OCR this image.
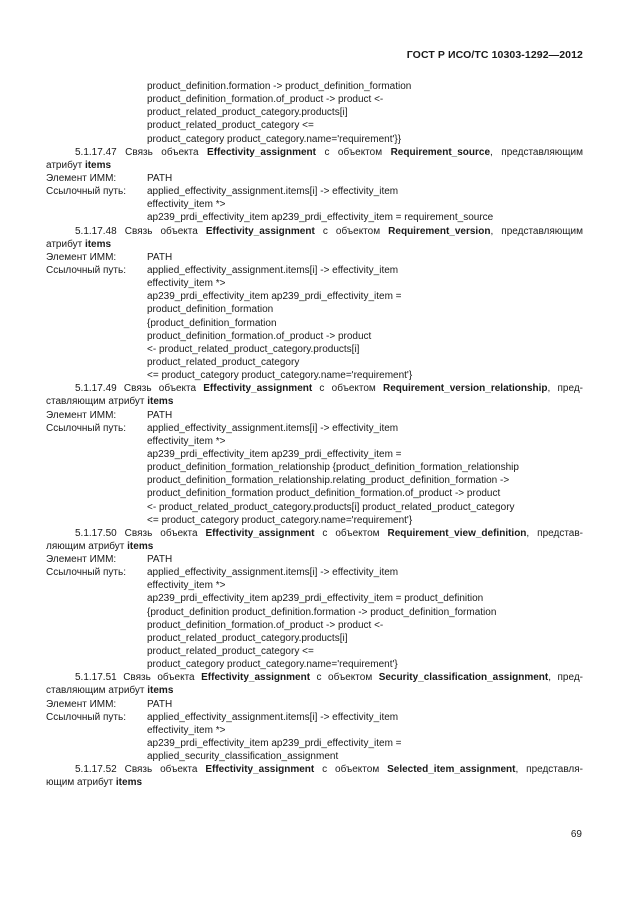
ГОСТ Р ИСО/ТС 10303-1292—2012
product_definition.formation -> product_definition_formation
product_definition_formation.of_product -> product <-
product_related_product_category.products[i]
product_related_product_category <=
product_category product_category.name='requirement'}}
5.1.17.47 Связь объекта Effectivity_assignment с объектом Requirement_source, представляющим
атрибут items
Элемент ИММ:	PATH
Ссылочный путь: applied_effectivity_assignment.items[i] -> effectivity_item
effectivity_item *>
ap239_prdi_effectivity_item ap239_prdi_effectivity_item = requirement_source
5.1.17.48 Связь объекта Effectivity_assignment с объектом Requirement_version, представляющим
атрибут items
Элемент ИММ:	PATH
Ссылочный путь: applied_effectivity_assignment.items[i] -> effectivity_item
effectivity_item *>
ap239_prdi_effectivity_item ap239_prdi_effectivity_item =
product_definition_formation
{product_definition_formation
product_definition_formation.of_product -> product
<- product_related_product_category.products[i]
product_related_product_category
<= product_category product_category.name='requirement'}
5.1.17.49 Связь объекта Effectivity_assignment с объектом Requirement_version_relationship, пред-
ставляющим атрибут items
Элемент ИММ:	PATH
Ссылочный путь: applied_effectivity_assignment.items[i] -> effectivity_item
effectivity_item *>
ap239_prdi_effectivity_item ap239_prdi_effectivity_item =
product_definition_formation_relationship {product_definition_formation_relationship
product_definition_formation_relationship.relating_product_definition_formation ->
product_definition_formation product_definition_formation.of_product -> product
<- product_related_product_category.products[i] product_related_product_category
<= product_category product_category.name='requirement'}
5.1.17.50 Связь объекта Effectivity_assignment с объектом Requirement_view_definition, представ-
ляющим атрибут items
Элемент ИММ:	PATH
Ссылочный путь: applied_effectivity_assignment.items[i] -> effectivity_item
effectivity_item *>
ap239_prdi_effectivity_item ap239_prdi_effectivity_item = product_definition
{product_definition product_definition.formation -> product_definition_formation
product_definition_formation.of_product -> product <-
product_related_product_category.products[i]
product_related_product_category <=
product_category product_category.name='requirement'}
5.1.17.51 Связь объекта Effectivity_assignment с объектом Security_classification_assignment, пред-
ставляющим атрибут items
Элемент ИММ:	PATH
Ссылочный путь: applied_effectivity_assignment.items[i] -> effectivity_item
effectivity_item *>
ap239_prdi_effectivity_item ap239_prdi_effectivity_item =
applied_security_classification_assignment
5.1.17.52 Связь объекта Effectivity_assignment с объектом Selected_item_assignment, представля-
ющим атрибут items
69
